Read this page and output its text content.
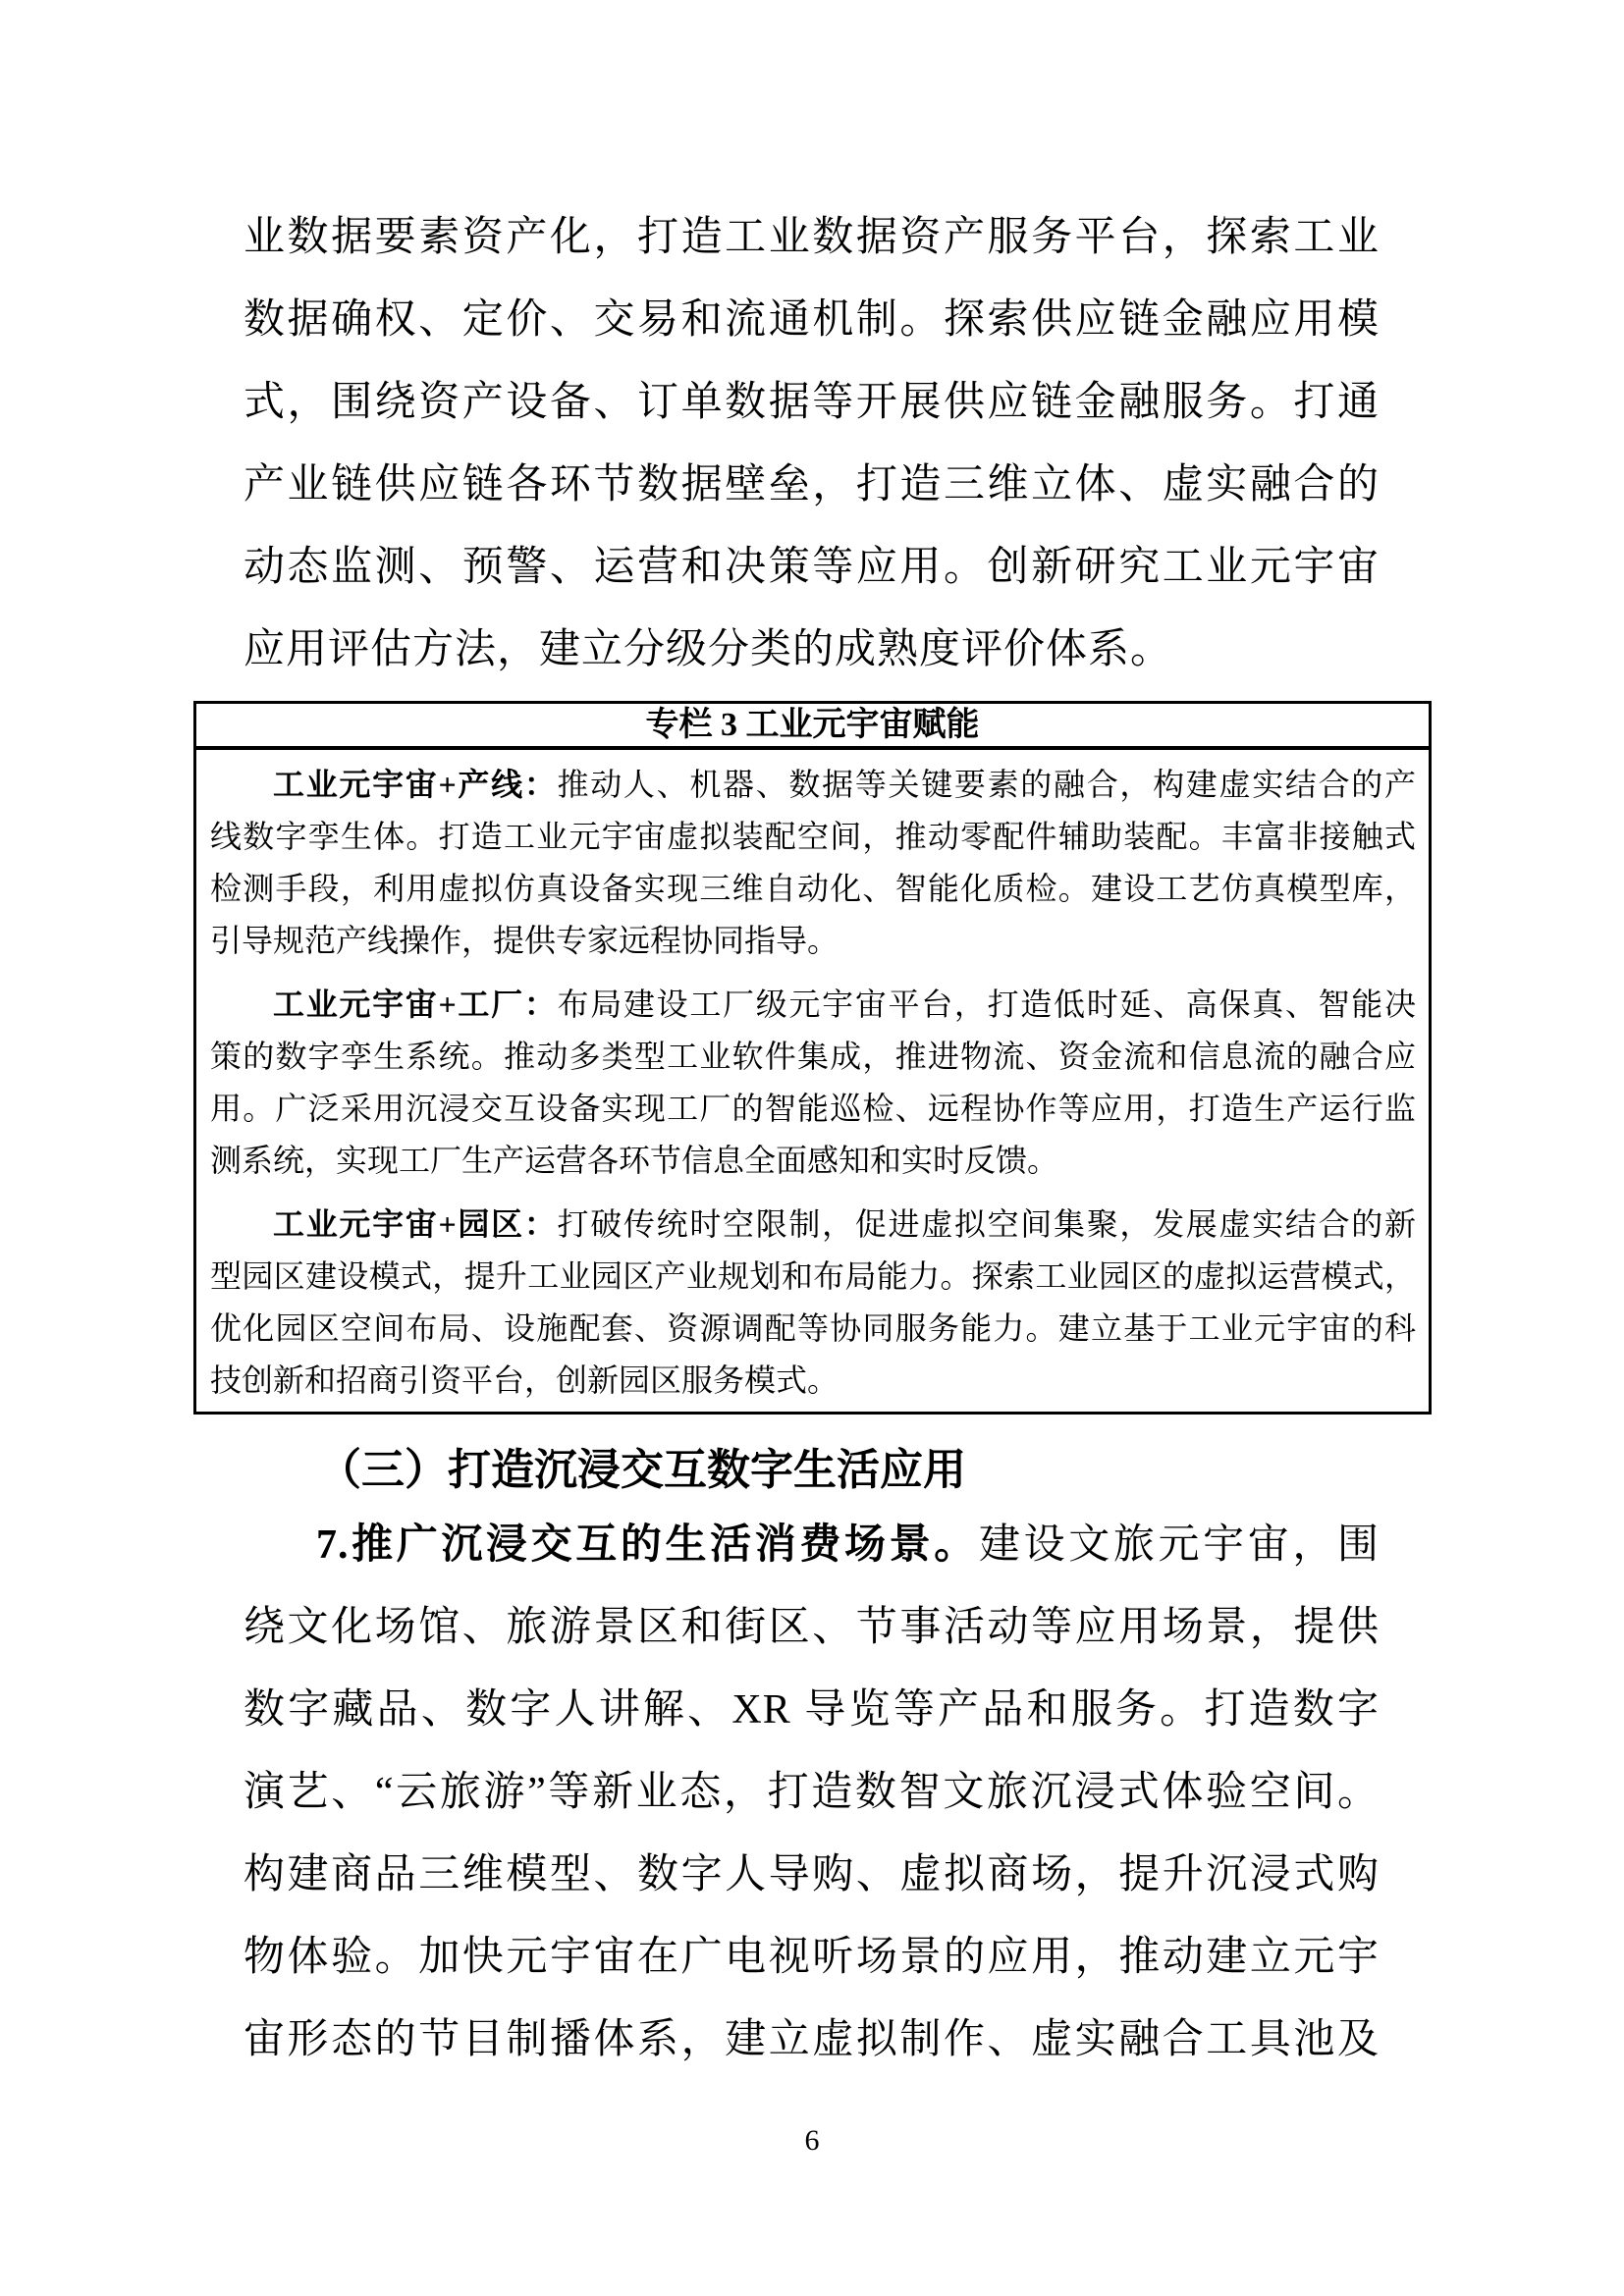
业数据要素资产化，打造工业数据资产服务平台，探索工业
数据确权、定价、交易和流通机制。探索供应链金融应用模
式，围绕资产设备、订单数据等开展供应链金融服务。打通
产业链供应链各环节数据壁垒，打造三维立体、虚实融合的
动态监测、预警、运营和决策等应用。创新研究工业元宇宙
应用评估方法，建立分级分类的成熟度评价体系。
专栏 3 工业元宇宙赋能
工业元宇宙+产线：推动人、机器、数据等关键要素的融合，构建虚实结合的产
线数字孪生体。打造工业元宇宙虚拟装配空间，推动零配件辅助装配。丰富非接触式
检测手段，利用虚拟仿真设备实现三维自动化、智能化质检。建设工艺仿真模型库，
引导规范产线操作，提供专家远程协同指导。
工业元宇宙+工厂：布局建设工厂级元宇宙平台，打造低时延、高保真、智能决
策的数字孪生系统。推动多类型工业软件集成，推进物流、资金流和信息流的融合应
用。广泛采用沉浸交互设备实现工厂的智能巡检、远程协作等应用，打造生产运行监
测系统，实现工厂生产运营各环节信息全面感知和实时反馈。
工业元宇宙+园区：打破传统时空限制，促进虚拟空间集聚，发展虚实结合的新
型园区建设模式，提升工业园区产业规划和布局能力。探索工业园区的虚拟运营模式，
优化园区空间布局、设施配套、资源调配等协同服务能力。建立基于工业元宇宙的科
技创新和招商引资平台，创新园区服务模式。
（三）打造沉浸交互数字生活应用
7.推广沉浸交互的生活消费场景。建设文旅元宇宙，围
绕文化场馆、旅游景区和街区、节事活动等应用场景，提供
数字藏品、数字人讲解、XR 导览等产品和服务。打造数字
演艺、“云旅游”等新业态，打造数智文旅沉浸式体验空间。
构建商品三维模型、数字人导购、虚拟商场，提升沉浸式购
物体验。加快元宇宙在广电视听场景的应用，推动建立元宇
宙形态的节目制播体系，建立虚拟制作、虚实融合工具池及
6
